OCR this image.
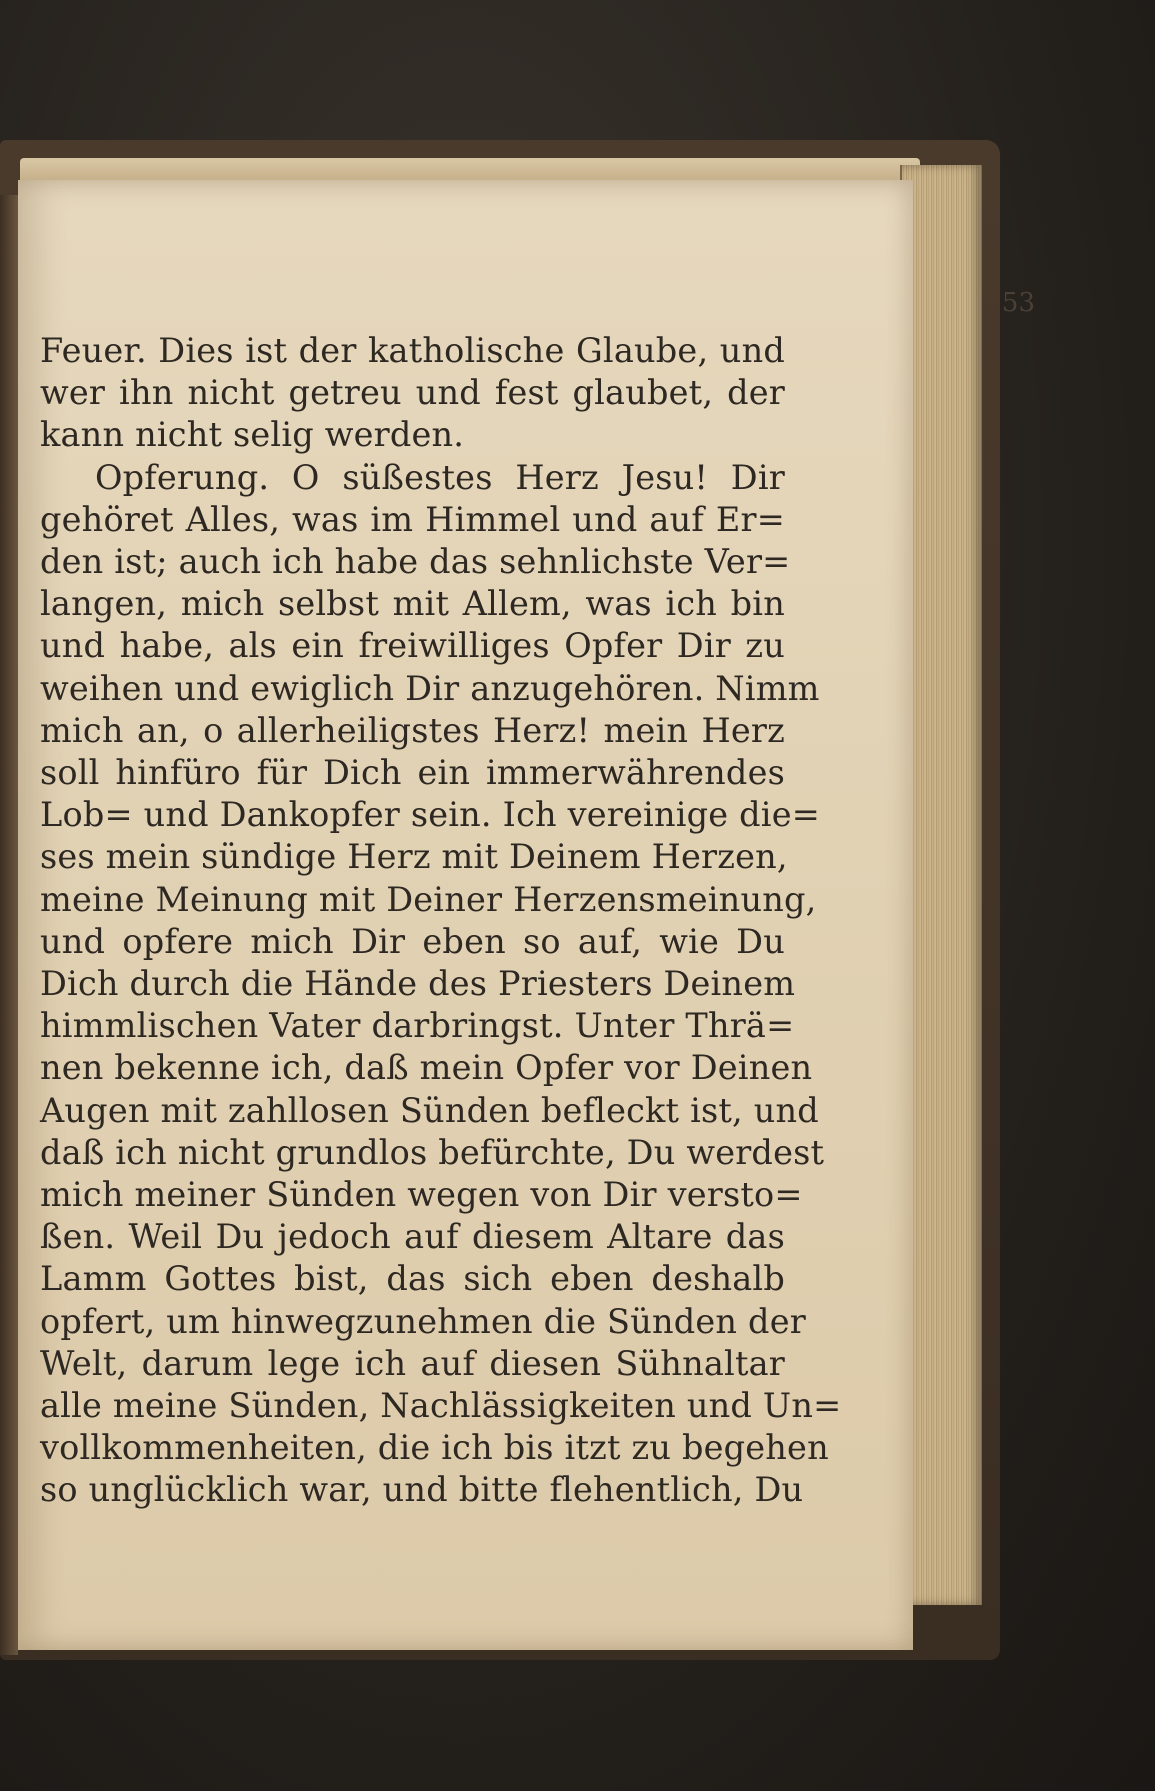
53
Feuer. Dies ist der katholische Glaube, und
wer ihn nicht getreu und fest glaubet, der
kann nicht selig werden.
Opferung. O süßestes Herz Jesu! Dir
gehöret Alles, was im Himmel und auf Er=
den ist; auch ich habe das sehnlichste Ver=
langen, mich selbst mit Allem, was ich bin
und habe, als ein freiwilliges Opfer Dir zu
weihen und ewiglich Dir anzugehören. Nimm
mich an, o allerheiligstes Herz! mein Herz
soll hinfüro für Dich ein immerwährendes
Lob= und Dankopfer sein. Ich vereinige die=
ses mein sündige Herz mit Deinem Herzen,
meine Meinung mit Deiner Herzensmeinung,
und opfere mich Dir eben so auf, wie Du
Dich durch die Hände des Priesters Deinem
himmlischen Vater darbringst. Unter Thrä=
nen bekenne ich, daß mein Opfer vor Deinen
Augen mit zahllosen Sünden befleckt ist, und
daß ich nicht grundlos befürchte, Du werdest
mich meiner Sünden wegen von Dir versto=
ßen. Weil Du jedoch auf diesem Altare das
Lamm Gottes bist, das sich eben deshalb
opfert, um hinwegzunehmen die Sünden der
Welt, darum lege ich auf diesen Sühnaltar
alle meine Sünden, Nachlässigkeiten und Un=
vollkommenheiten, die ich bis itzt zu begehen
so unglücklich war, und bitte flehentlich, Du
